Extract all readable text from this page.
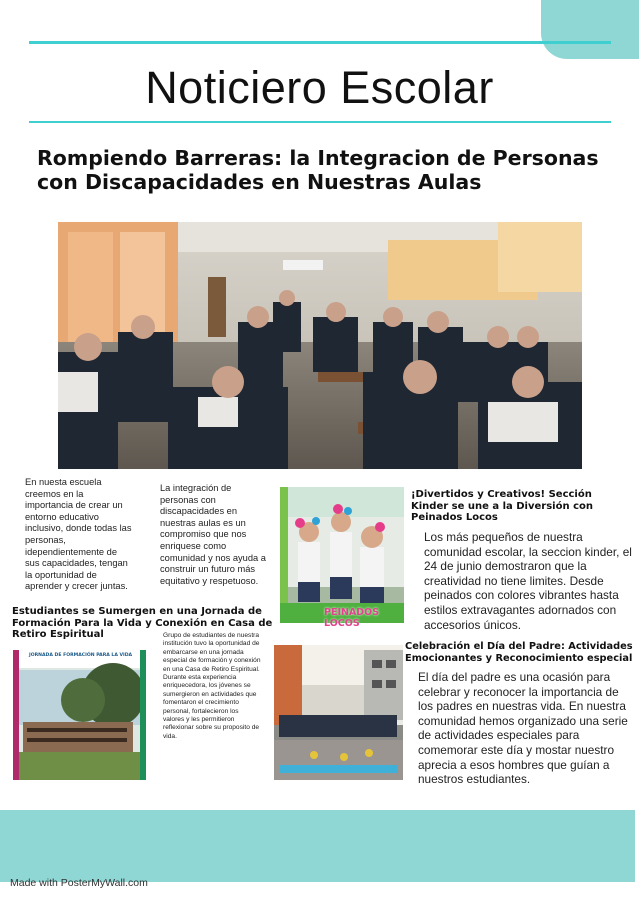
Noticiero Escolar
Rompiendo Barreras: la Integracion de Personas con Discapacidades en Nuestras Aulas
En nuesta escuela creemos en la importancia de crear un entorno educativo inclusivo, donde todas las personas, idependientemente de sus capacidades, tengan la oportunidad de aprender y crecer juntas.
La integración de personas con discapacidades en nuestras aulas es un compromiso que nos enriquese como comunidad y nos ayuda a construir un futuro más equitativo y respetuoso.
Estudiantes se Sumergen en una Jornada de Formación Para la Vida y Conexión en Casa de Retiro Espiritual
JORNADA DE FORMACIÓN PARA LA VIDA
Grupo de estudiantes de nuestra institución tuvo la oportunidad de embarcarse en una jornada especial de formación y conexión en una Casa de Retiro Espiritual. Durante esta experiencia enriquecedora, los jóvenes se sumergieron en actividades que fomentaron el crecimiento personal, fortalecieron los valores y les permitieron reflexionar sobre su proposito de vida.
PEINADOS LOCOS
¡Divertidos y Creativos! Sección Kinder se une a la Diversión con Peinados Locos
Los más pequeños de nuestra comunidad escolar, la seccion kinder, el 24 de junio demostraron que la creatividad no tiene limites. Desde peinados con colores vibrantes hasta estilos extravagantes adornados con accesorios únicos.
Celebración el Día del Padre: Actividades Emocionantes y Reconocimiento especial
El día del padre es una ocasión para celebrar y reconocer la importancia de los padres en nuestras vida. En nuestra comunidad hemos organizado una serie de actividades especiales para comemorar este día y mostar nuestro aprecia a esos hombres que guían a nuestros estudiantes.
Made with PosterMyWall.com
